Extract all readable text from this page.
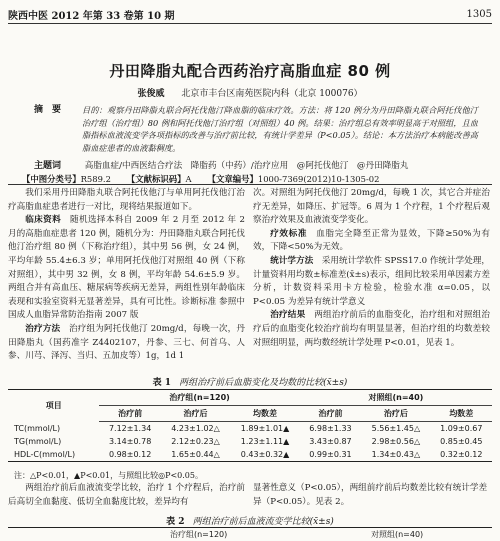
陕西中医 2012 年第 33 卷第 10 期	1305
丹田降脂丸配合西药治疗高脂血症 80 例
张俊威 北京市丰台区南苑医院内科（北京 100076）
摘　要	目的：观察丹田降脂丸联合阿托伐他汀降血脂的临床疗效。方法：将 120 例分为丹田降脂丸联合阿托伐他汀治疗组（治疗组）80 例和阿托伐他汀治疗组（对照组）40 例。结果：治疗组总有效率明显高于对照组，且血脂指标血液流变学各项指标的改善与治疗前比较，有统计学差异（P<0.05）。结论：本方法治疗本病能改善高脂血症患者的血液黏稠度。
主题词	高脂血症/中西医结合疗法　降脂药（中药）/治疗应用　@阿托伐他汀　@丹田降脂丸
【中图分类号】R589.2 【文献标识码】A 【文章编号】1000-7369(2012)10-1305-02

我们采用丹田降脂丸联合阿托伐他汀与单用阿托伐他汀治疗高脂血症患者进行一对比，现将结果报道如下。

临床资料　 随机选择本科自 2009 年 2 月至 2012 年 2 月的高脂血症患者 120 例，随机分为：丹田降脂丸联合阿托伐他汀治疗组 80 例（下称治疗组），其中男 56 例，女 24 例，平均年龄 55.4±6.3 岁；单用阿托伐他汀对照组 40 例（下称对照组），其中男 32 例，女 8 例，平均年龄 54.6±5.9 岁。两组合并有高血压、糖尿病等疾病无差异，两组性别年龄临床表现和实验室资料无显著差异，具有可比性。诊断标准 参照中国成人血脂异常防治指南 2007 版

治疗方法　 治疗组为阿托伐他汀 20mg/d，每晚一次，丹田降脂丸（国药准字 Z4402107，丹参、三七、何首乌、人参、川芎、泽泻、当归、五加皮等）1g，1d 1

次。对照组为阿托伐他汀 20mg/d，每晚 1 次，其它合并症治疗无差异，如降压、扩冠等。6 周为 1 个疗程，1 个疗程后观察治疗效果及血液流变学变化。

疗效标准　 血脂完全降至正常为显效，下降≥50%为有效，下降<50%为无效。

统计学方法　 采用统计学软件 SPSS17.0 作统计学处理，计量资料用均数±标准差(x̄±s)表示，组间比较采用单因素方差分析，计数资料采用卡方检验，检验水准 α=0.05，以 P<0.05 为差异有统计学意义

治疗结果　 两组治疗前后的血脂变化，治疗组和对照组治疗后的血脂变化较治疗前均有明显显著，但治疗组的均数差较对照组明显，两均数经统计学处理 P<0.01，见表 1。

表 1 两组治疗前后血脂变化及均数的比较(x̄±s)
项目	治疗组(n=120)			对照组(n=40)		
	治疗前	治疗后	均数差	治疗前	治疗后	均数差
TC(mmol/L)	7.12±1.34	4.23±1.02△	1.89±1.01▲	6.98±1.33	5.56±1.45△	1.09±0.67
TG(mmol/L)	3.14±0.78	2.12±0.23△	1.23±1.11▲	3.43±0.87	2.98±0.56△	0.85±0.45
HDL-C(mmol/L)	0.98±0.12	1.65±0.44△	0.43±0.32▲	0.99±0.31	1.34±0.43△	0.32±0.12
注：△P<0.01，▲P<0.01，与照组比较◎P<0.05。

两组治疗前后血液流变学比较，治疗 1 个疗程后，治疗前后高切全血黏度、低切全血黏度比较，差异均有

显著性意义（P<0.05），两组前疗前后均数差比较有统计学差异（P<0.05）。见表 2。

表 2 两组治疗前后血液流变学比较(x̄±s)
	治疗组(n=120)	对照组(n=40)
